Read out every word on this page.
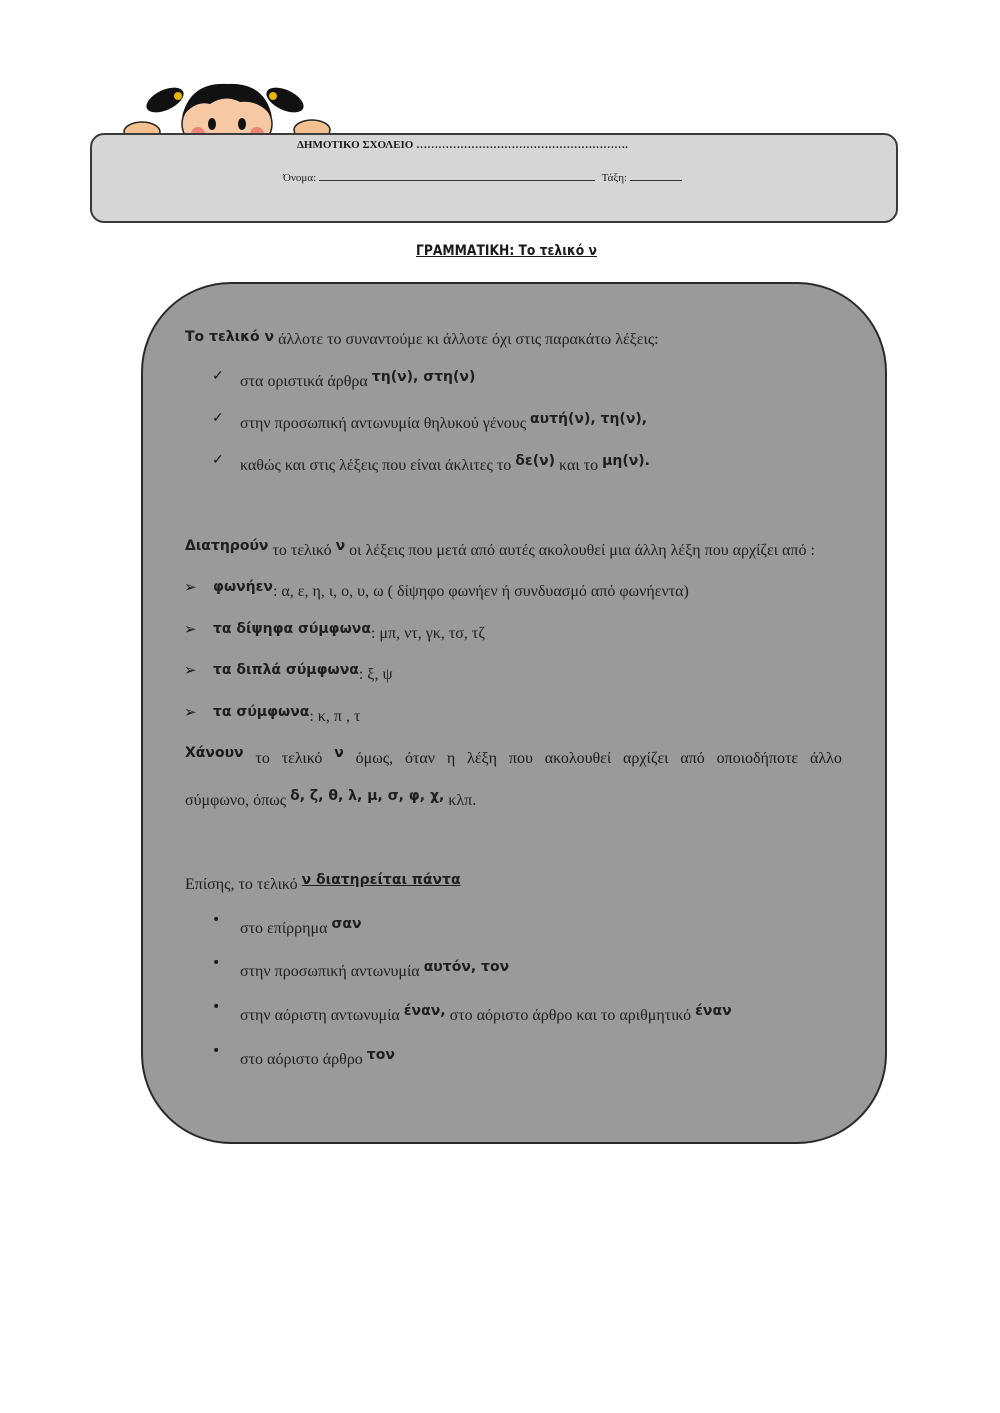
ΔΗΜΟΤΙΚΟ ΣΧΟΛΕΙΟ ………………………………………………….
Όνομα:	Τάξη:
ΓΡΑΜΜΑΤΙΚΗ: Το τελικό ν
Το τελικό ν άλλοτε το συναντούμε κι άλλοτε όχι στις παρακάτω λέξεις:
✓ στα οριστικά άρθρα τη(ν), στη(ν)
✓ στην προσωπική αντωνυμία θηλυκού γένους αυτή(ν), τη(ν),
✓ καθώς και στις λέξεις που είναι άκλιτες το δε(ν) και το μη(ν).
Διατηρούν το τελικό ν οι λέξεις που μετά από αυτές ακολουθεί μια άλλη λέξη που αρχίζει από :
➢ φωνήεν: α, ε, η, ι, ο, υ, ω ( δίψηφο φωνήεν ή συνδυασμό από φωνήεντα)
➢ τα δίψηφα σύμφωνα: μπ, ντ, γκ, τσ, τζ
➢ τα διπλά σύμφωνα: ξ, ψ
➢ τα σύμφωνα: κ, π , τ
Χάνουν το τελικό ν όμως, όταν η λέξη που ακολουθεί αρχίζει από οποιοδήποτε άλλο
σύμφωνο, όπως δ, ζ, θ, λ, μ, σ, φ, χ, κλπ.
Επίσης, το τελικό ν διατηρείται πάντα
• στο επίρρημα σαν
• στην προσωπική αντωνυμία αυτόν, τον
• στην αόριστη αντωνυμία έναν, στο αόριστο άρθρο και το αριθμητικό έναν
• στο αόριστο άρθρο τον
